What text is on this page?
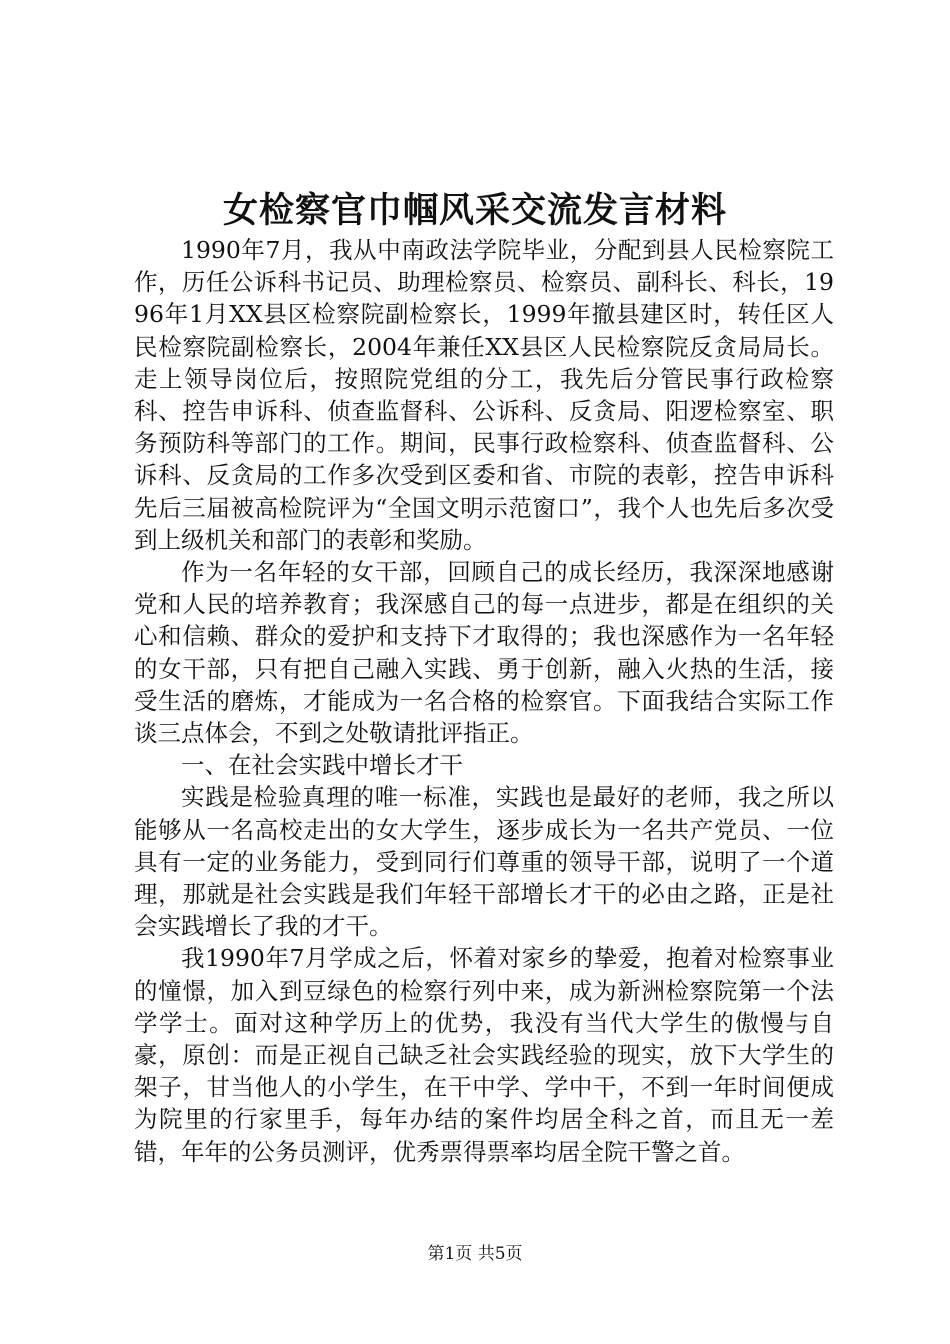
女检察官巾帼风采交流发言材料

1990年7月，我从中南政法学院毕业，分配到县人民检察院工作，历任公诉科书记员、助理检察员、检察员、副科长、科长，1996年1月XX县区检察院副检察长，1999年撤县建区时，转任区人民检察院副检察长，2004年兼任XX县区人民检察院反贪局局长。走上领导岗位后，按照院党组的分工，我先后分管民事行政检察科、控告申诉科、侦查监督科、公诉科、反贪局、阳逻检察室、职务预防科等部门的工作。期间，民事行政检察科、侦查监督科、公诉科、反贪局的工作多次受到区委和省、市院的表彰，控告申诉科先后三届被高检院评为“全国文明示范窗口”，我个人也先后多次受到上级机关和部门的表彰和奖励。

作为一名年轻的女干部，回顾自己的成长经历，我深深地感谢党和人民的培养教育；我深感自己的每一点进步，都是在组织的关心和信赖、群众的爱护和支持下才取得的；我也深感作为一名年轻的女干部，只有把自己融入实践、勇于创新，融入火热的生活，接受生活的磨炼，才能成为一名合格的检察官。下面我结合实际工作谈三点体会，不到之处敬请批评指正。

一、在社会实践中增长才干

实践是检验真理的唯一标准，实践也是最好的老师，我之所以能够从一名高校走出的女大学生，逐步成长为一名共产党员、一位具有一定的业务能力，受到同行们尊重的领导干部，说明了一个道理，那就是社会实践是我们年轻干部增长才干的必由之路，正是社会实践增长了我的才干。

我1990年7月学成之后，怀着对家乡的挚爱，抱着对检察事业的憧憬，加入到豆绿色的检察行列中来，成为新洲检察院第一个法学学士。面对这种学历上的优势，我没有当代大学生的傲慢与自豪，原创：而是正视自己缺乏社会实践经验的现实，放下大学生的架子，甘当他人的小学生，在干中学、学中干，不到一年时间便成为院里的行家里手，每年办结的案件均居全科之首，而且无一差错，年年的公务员测评，优秀票得票率均居全院干警之首。

第1页 共5页
